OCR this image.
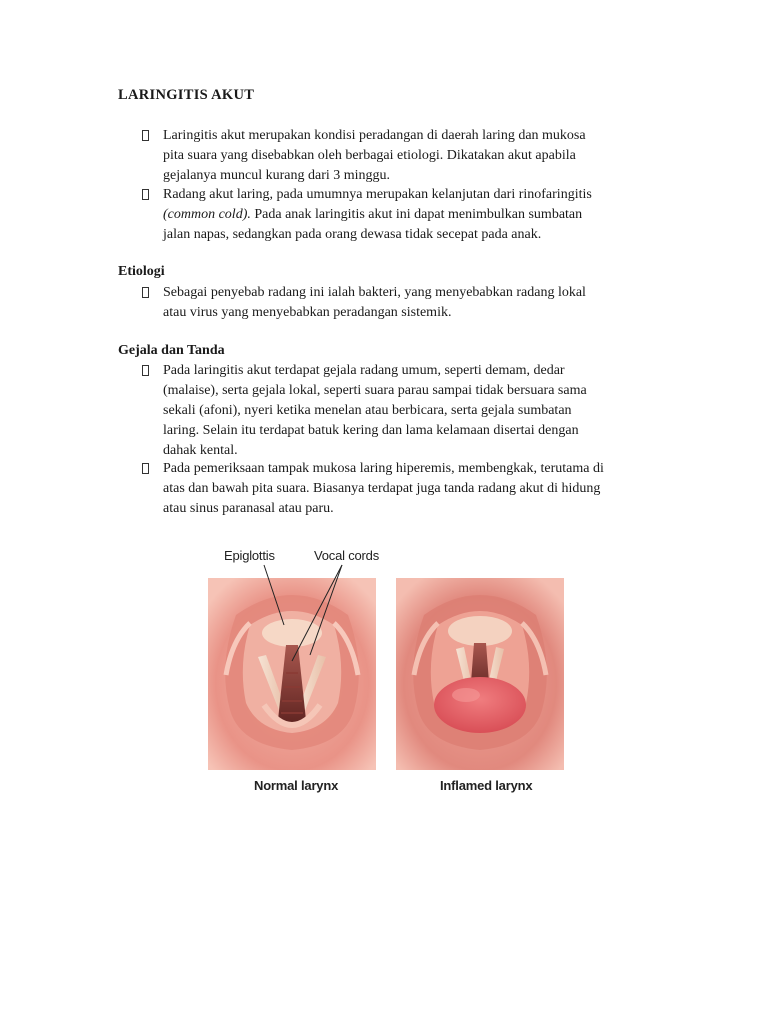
LARINGITIS AKUT
Laringitis akut merupakan kondisi peradangan di daerah laring dan mukosa
pita suara yang disebabkan oleh berbagai etiologi. Dikatakan akut apabila
gejalanya muncul kurang dari 3 minggu.
Radang akut laring, pada umumnya merupakan kelanjutan dari rinofaringitis
(common cold). Pada anak laringitis akut ini dapat menimbulkan sumbatan
jalan napas, sedangkan pada orang dewasa tidak secepat pada anak.
Etiologi
Sebagai penyebab radang ini ialah bakteri, yang menyebabkan radang lokal
atau virus yang menyebabkan peradangan sistemik.
Gejala dan Tanda
Pada laringitis akut terdapat gejala radang umum, seperti demam, dedar
(malaise), serta gejala lokal, seperti suara parau sampai tidak bersuara sama
sekali (afoni), nyeri ketika menelan atau berbicara, serta gejala sumbatan
laring. Selain itu terdapat batuk kering dan lama kelamaan disertai dengan
dahak kental.
Pada pemeriksaan tampak mukosa laring hiperemis, membengkak, terutama di
atas dan bawah pita suara. Biasanya terdapat juga tanda radang akut di hidung
atau sinus paranasal atau paru.
Epiglottis	Vocal cords
Normal larynx	Inflamed larynx
